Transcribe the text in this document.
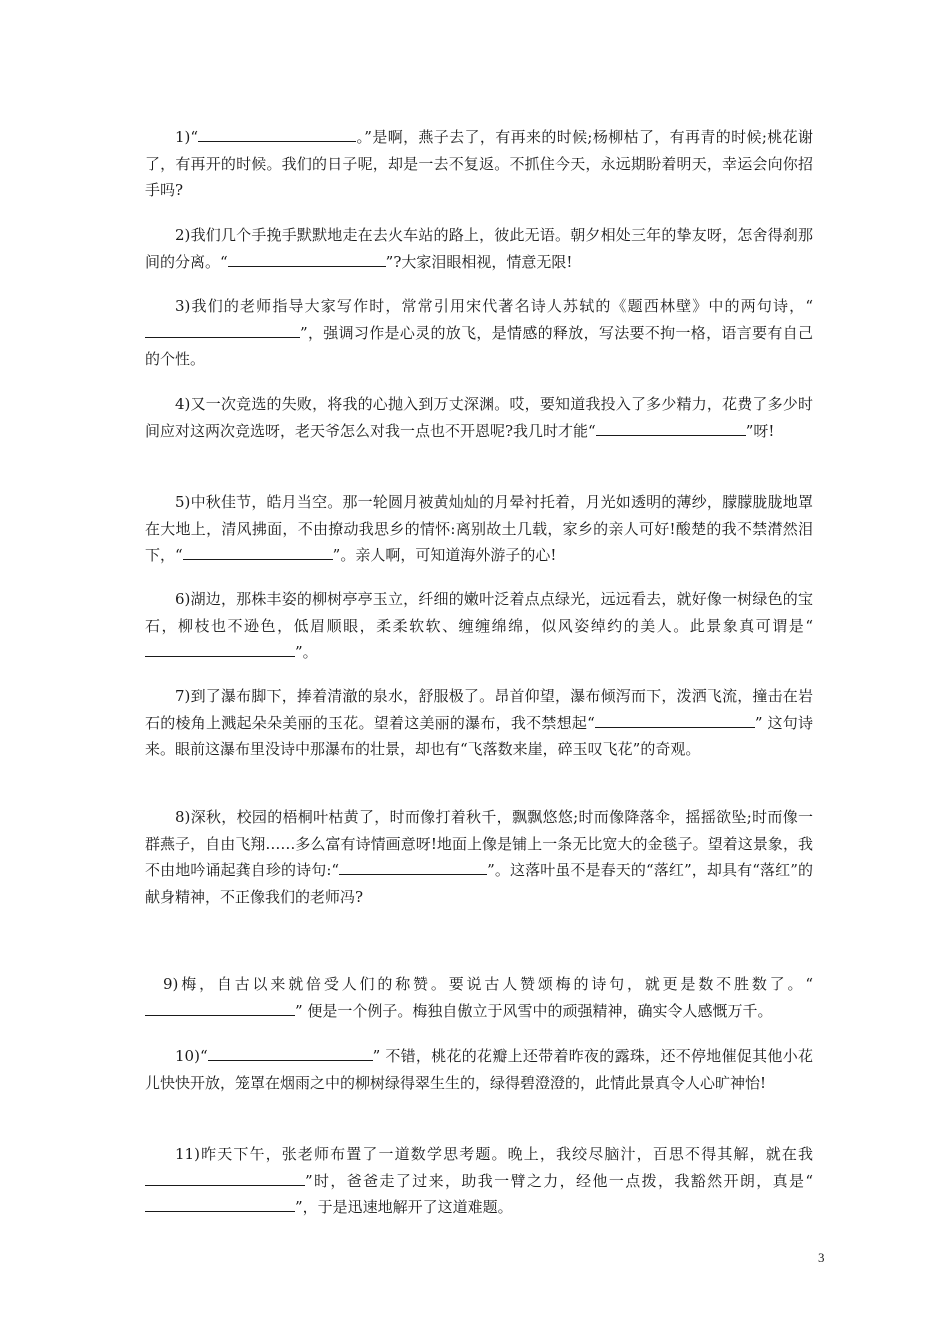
1)“	。”是啊，燕子去了，有再来的时候;杨柳枯了，有再青的时候;桃花谢了，有再开的时候。我们的日子呢，却是一去不复返。不抓住今天，永远期盼着明天，幸运会向你招手吗?

2)我们几个手挽手默默地走在去火车站的路上，彼此无语。朝夕相处三年的挚友呀，怎舍得刹那间的分离。“	”?大家泪眼相视，情意无限!

3)我们的老师指导大家写作时，常常引用宋代著名诗人苏轼的《题西林壁》中的两句诗，“”，强调习作是心灵的放飞，是情感的释放，写法要不拘一格，语言要有自己的个性。

4)又一次竞选的失败，将我的心抛入到万丈深渊。哎，要知道我投入了多少精力，花费了多少时间应对这两次竞选呀，老天爷怎么对我一点也不开恩呢?我几时才能“	”呀!

5)中秋佳节，皓月当空。那一轮圆月被黄灿灿的月晕衬托着，月光如透明的薄纱，朦朦胧胧地罩在大地上，清风拂面，不由撩动我思乡的情怀:离别故土几载，家乡的亲人可好!酸楚的我不禁潸然泪下，“	”。亲人啊，可知道海外游子的心!

6)湖边，那株丰姿的柳树亭亭玉立，纤细的嫩叶泛着点点绿光，远远看去，就好像一树绿色的宝石，柳枝也不逊色，低眉顺眼，柔柔软软、缠缠绵绵，似风姿绰约的美人。此景象真可谓是“”。

7)到了瀑布脚下，捧着清澈的泉水，舒服极了。昂首仰望，瀑布倾泻而下，泼洒飞流，撞击在岩石的棱角上溅起朵朵美丽的玉花。望着这美丽的瀑布，我不禁想起“	” 这句诗来。眼前这瀑布里没诗中那瀑布的壮景，却也有“飞落数来崖，碎玉叹飞花”的奇观。

8)深秋，校园的梧桐叶枯黄了，时而像打着秋千，飘飘悠悠;时而像降落伞，摇摇欲坠;时而像一群燕子，自由飞翔……多么富有诗情画意呀!地面上像是铺上一条无比宽大的金毯子。望着这景象，我不由地吟诵起龚自珍的诗句:“	”。这落叶虽不是春天的“落红”，却具有“落红”的献身精神，不正像我们的老师冯?

9)梅，自古以来就倍受人们的称赞。要说古人赞颂梅的诗句，就更是数不胜数了。“” 便是一个例子。梅独自傲立于风雪中的顽强精神，确实令人感慨万千。

10)“	” 不错，桃花的花瓣上还带着昨夜的露珠，还不停地催促其他小花儿快快开放，笼罩在烟雨之中的柳树绿得翠生生的，绿得碧澄澄的，此情此景真令人心旷神怡!

11)昨天下午，张老师布置了一道数学思考题。晚上，我绞尽脑汁，百思不得其解，就在我”时，爸爸走了过来，助我一臂之力，经他一点拨，我豁然开朗，真是“”，于是迅速地解开了这道难题。

3
